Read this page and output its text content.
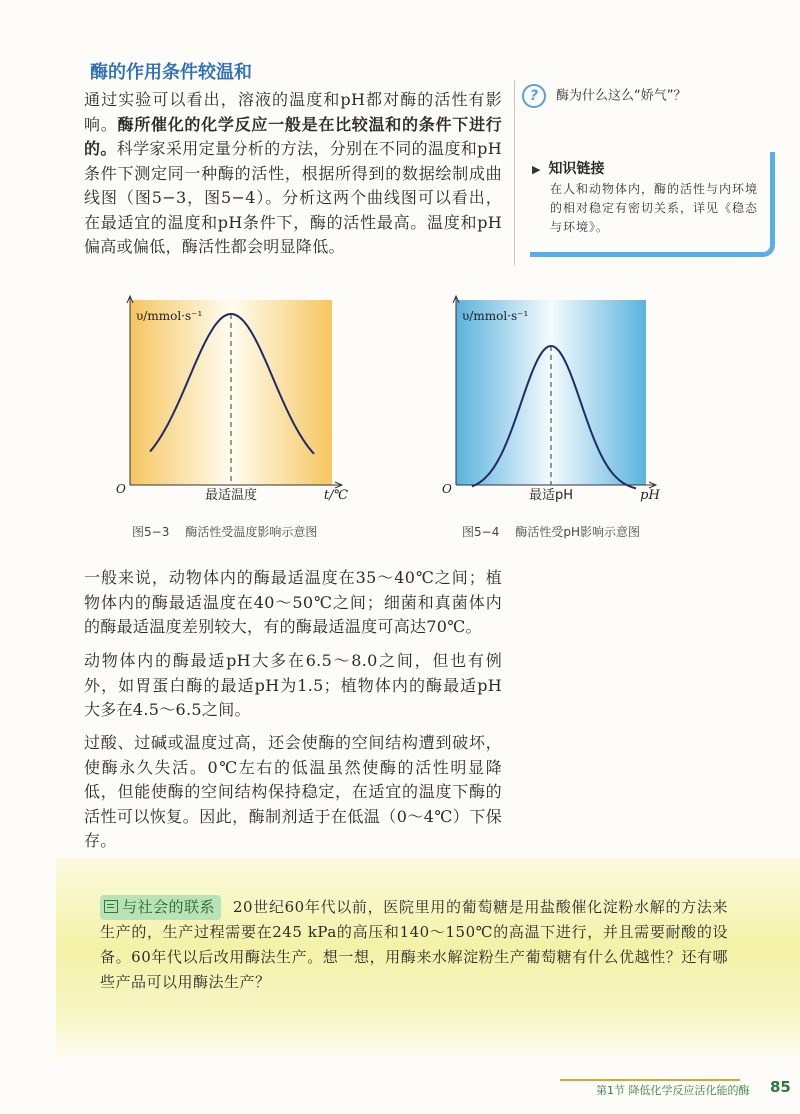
酶的作用条件较温和
通过实验可以看出，溶液的温度和pH都对酶的活性有影响。酶所催化的化学反应一般是在比较温和的条件下进行的。科学家采用定量分析的方法，分别在不同的温度和pH条件下测定同一种酶的活性，根据所得到的数据绘制成曲线图（图5−3，图5−4）。分析这两个曲线图可以看出，在最适宜的温度和pH条件下，酶的活性最高。温度和pH偏高或偏低，酶活性都会明显降低。
? 酶为什么这么“娇气”？
▶ 知识链接
在人和动物体内，酶的活性与内环境的相对稳定有密切关系，详见《稳态与环境》。
υ/mmol·s⁻¹
O	最适温度	t/℃
图5−3 酶活性受温度影响示意图
υ/mmol·s⁻¹
O	最适pH	pH
图5−4 酶活性受pH影响示意图
一般来说，动物体内的酶最适温度在35～40℃之间；植物体内的酶最适温度在40～50℃之间；细菌和真菌体内的酶最适温度差别较大，有的酶最适温度可高达70℃。
动物体内的酶最适pH大多在6.5～8.0之间，但也有例外，如胃蛋白酶的最适pH为1.5；植物体内的酶最适pH大多在4.5～6.5之间。
过酸、过碱或温度过高，还会使酶的空间结构遭到破坏，使酶永久失活。0℃左右的低温虽然使酶的活性明显降低，但能使酶的空间结构保持稳定，在适宜的温度下酶的活性可以恢复。因此，酶制剂适于在低温（0～4℃）下保存。
与社会的联系 20世纪60年代以前，医院里用的葡萄糖是用盐酸催化淀粉水解的方法来生产的，生产过程需要在245 kPa的高压和140～150℃的高温下进行，并且需要耐酸的设备。60年代以后改用酶法生产。想一想，用酶来水解淀粉生产葡萄糖有什么优越性？还有哪些产品可以用酶法生产？
第1节 降低化学反应活化能的酶 85
